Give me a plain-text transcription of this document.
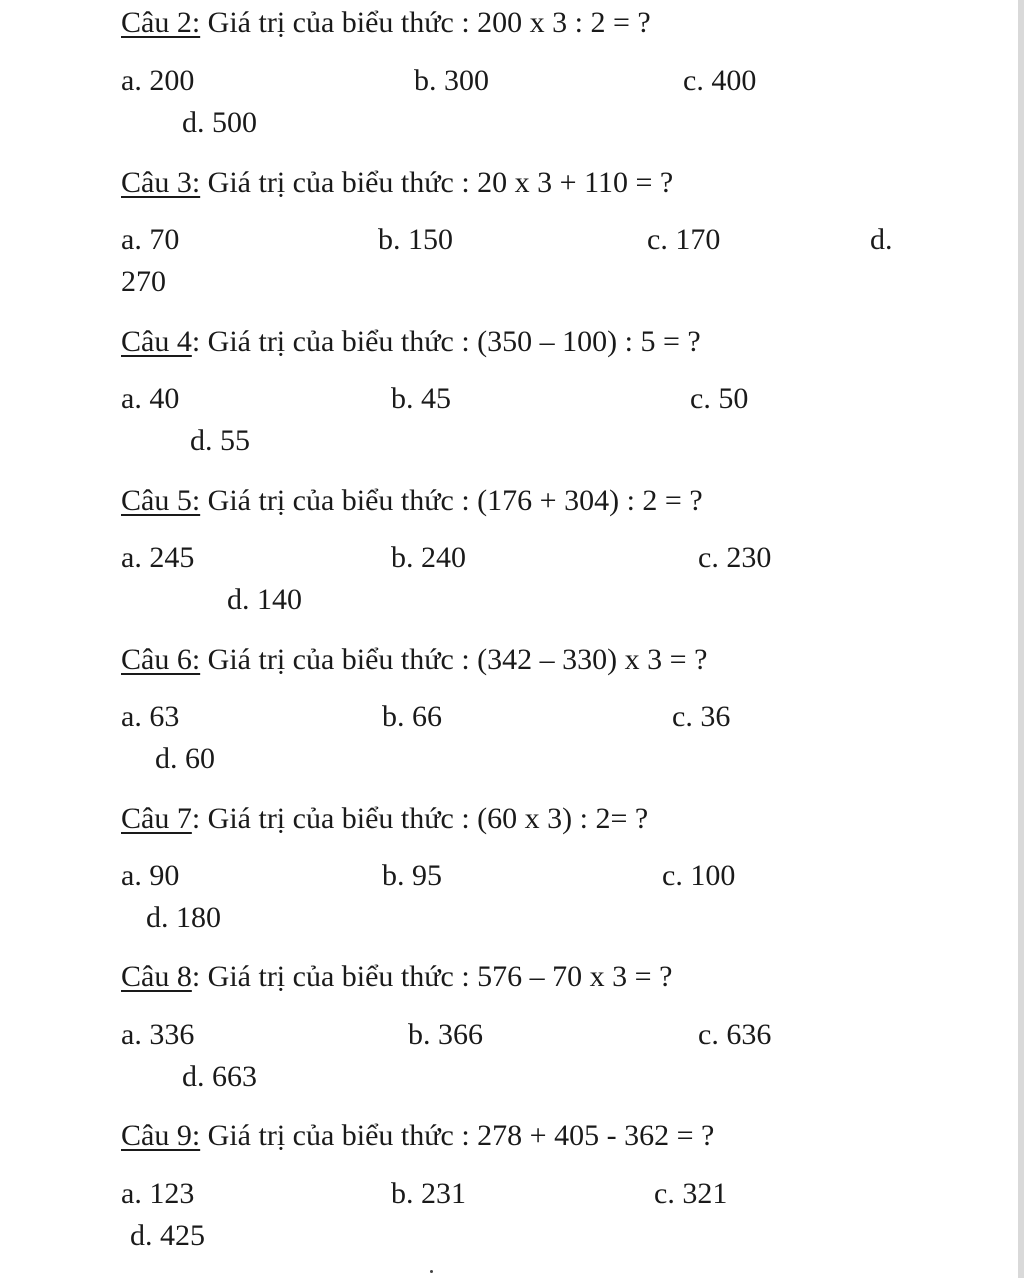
Câu 2: Giá trị của biểu thức : 200 x 3 : 2 = ?
a. 200	b. 300	c. 400
d. 500
Câu 3: Giá trị của biểu thức : 20 x 3 + 110 = ?
a. 70	b. 150	c. 170	d.
270
Câu 4: Giá trị của biểu thức : (350 – 100) : 5 = ?
a. 40	b. 45	c. 50
d. 55
Câu 5: Giá trị của biểu thức : (176 + 304) : 2 = ?
a. 245	b. 240	c. 230
d. 140
Câu 6: Giá trị của biểu thức : (342 – 330) x 3 = ?
a. 63	b. 66	c. 36
d. 60
Câu 7: Giá trị của biểu thức : (60 x 3) : 2= ?
a. 90	b. 95	c. 100
d. 180
Câu 8: Giá trị của biểu thức : 576 – 70 x 3 = ?
a. 336	b. 366	c. 636
d. 663
Câu 9: Giá trị của biểu thức : 278 + 405 - 362 = ?
a. 123	b. 231	c. 321
d. 425
